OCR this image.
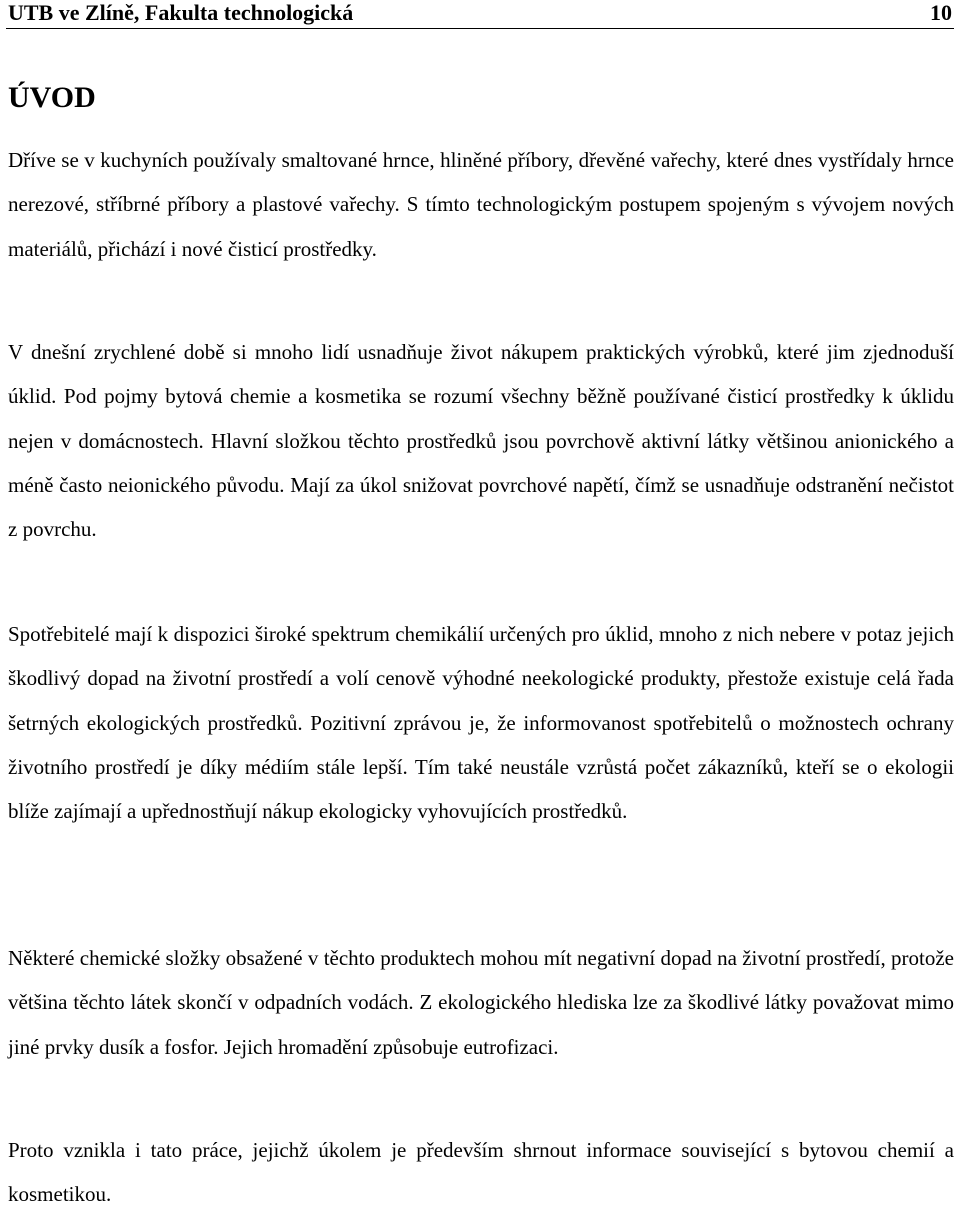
UTB ve Zlíně, Fakulta technologická	10
ÚVOD

Dříve se v kuchyních používaly smaltované hrnce, hliněné příbory, dřevěné vařechy, které dnes vystřídaly hrnce nerezové, stříbrné příbory a plastové vařechy. S tímto technologickým postupem spojeným s vývojem nových materiálů, přichází i nové čisticí prostředky.

V dnešní zrychlené době si mnoho lidí usnadňuje život nákupem praktických výrobků, které jim zjednoduší úklid. Pod pojmy bytová chemie a kosmetika se rozumí všechny běžně používané čisticí prostředky k úklidu nejen v domácnostech. Hlavní složkou těchto prostředků jsou povrchově aktivní látky většinou anionického a méně často neionického původu. Mají za úkol snižovat povrchové napětí, čímž se usnadňuje odstranění nečistot z povrchu.

Spotřebitelé mají k dispozici široké spektrum chemikálií určených pro úklid, mnoho z nich nebere v potaz jejich škodlivý dopad na životní prostředí a volí cenově výhodné neekologické produkty, přestože existuje celá řada šetrných ekologických prostředků. Pozitivní zprávou je, že informovanost spotřebitelů o možnostech ochrany životního prostředí je díky médiím stále lepší. Tím také neustále vzrůstá počet zákazníků, kteří se o ekologii blíže zajímají a upřednostňují nákup ekologicky vyhovujících prostředků.

Některé chemické složky obsažené v těchto produktech mohou mít negativní dopad na životní prostředí, protože většina těchto látek skončí v odpadních vodách. Z ekologického hlediska lze za škodlivé látky považovat mimo jiné prvky dusík a fosfor. Jejich hromadění způsobuje eutrofizaci.

Proto vznikla i tato práce, jejichž úkolem je především shrnout informace související s bytovou chemií a kosmetikou.
